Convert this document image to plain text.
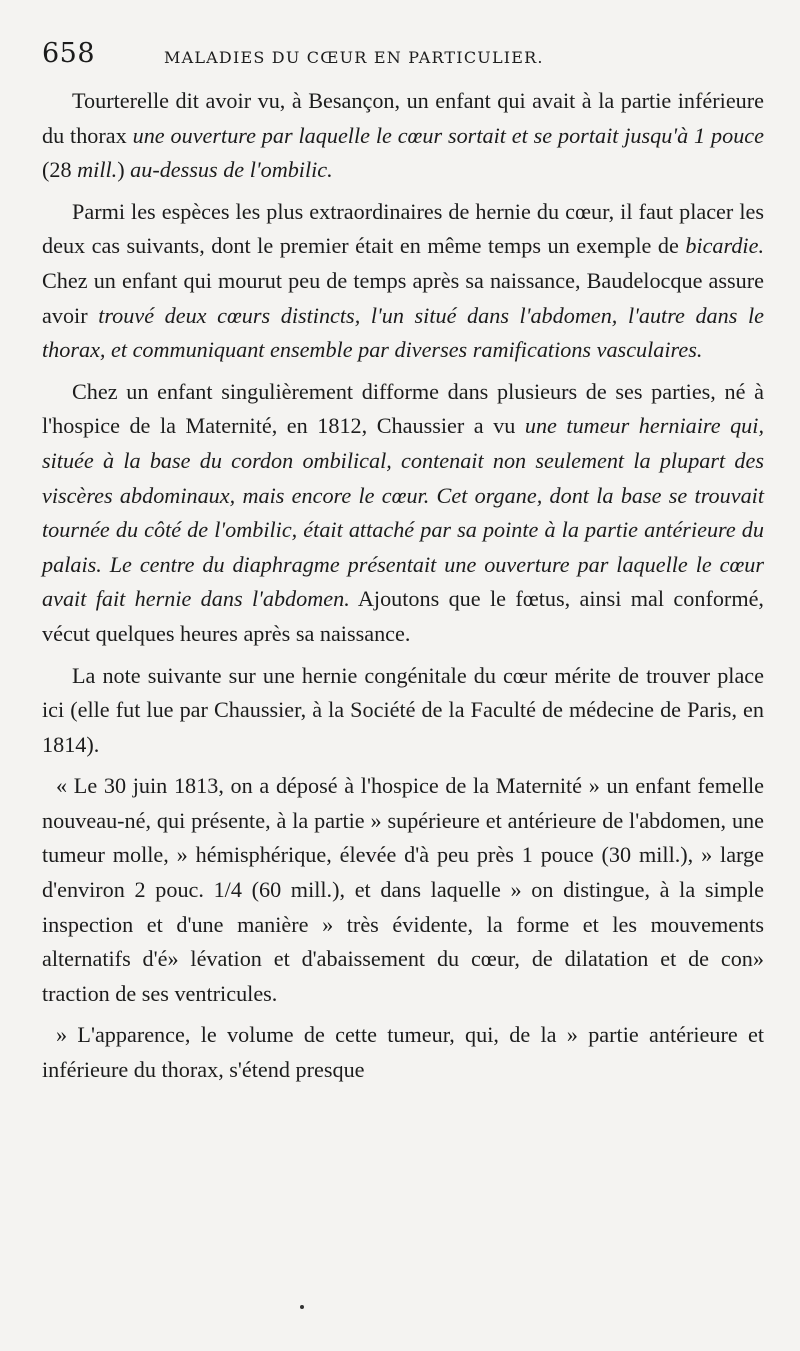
658	MALADIES DU CŒUR EN PARTICULIER.

Tourterelle dit avoir vu, à Besançon, un enfant qui avait à la partie inférieure du thorax une ouverture par laquelle le cœur sortait et se portait jusqu'à 1 pouce (28 mill.) au-dessus de l'ombilic.

Parmi les espèces les plus extraordinaires de hernie du cœur, il faut placer les deux cas suivants, dont le premier était en même temps un exemple de bicardie. Chez un enfant qui mourut peu de temps après sa naissance, Baudelocque assure avoir trouvé deux cœurs distincts, l'un situé dans l'abdomen, l'autre dans le thorax, et communiquant ensemble par diverses ramifications vasculaires.

Chez un enfant singulièrement difforme dans plusieurs de ses parties, né à l'hospice de la Maternité, en 1812, Chaussier a vu une tumeur herniaire qui, située à la base du cordon ombilical, contenait non seulement la plupart des viscères abdominaux, mais encore le cœur. Cet organe, dont la base se trouvait tournée du côté de l'ombilic, était attaché par sa pointe à la partie antérieure du palais. Le centre du diaphragme présentait une ouverture par laquelle le cœur avait fait hernie dans l'abdomen. Ajoutons que le fœtus, ainsi mal conformé, vécut quelques heures après sa naissance.

La note suivante sur une hernie congénitale du cœur mérite de trouver place ici (elle fut lue par Chaussier, à la Société de la Faculté de médecine de Paris, en 1814).

« Le 30 juin 1813, on a déposé à l'hospice de la Maternité » un enfant femelle nouveau-né, qui présente, à la partie » supérieure et antérieure de l'abdomen, une tumeur molle, » hémisphérique, élevée d'à peu près 1 pouce (30 mill.), » large d'environ 2 pouc. 1/4 (60 mill.), et dans laquelle » on distingue, à la simple inspection et d'une manière » très évidente, la forme et les mouvements alternatifs d'é» lévation et d'abaissement du cœur, de dilatation et de con» traction de ses ventricules.

» L'apparence, le volume de cette tumeur, qui, de la » partie antérieure et inférieure du thorax, s'étend presque
